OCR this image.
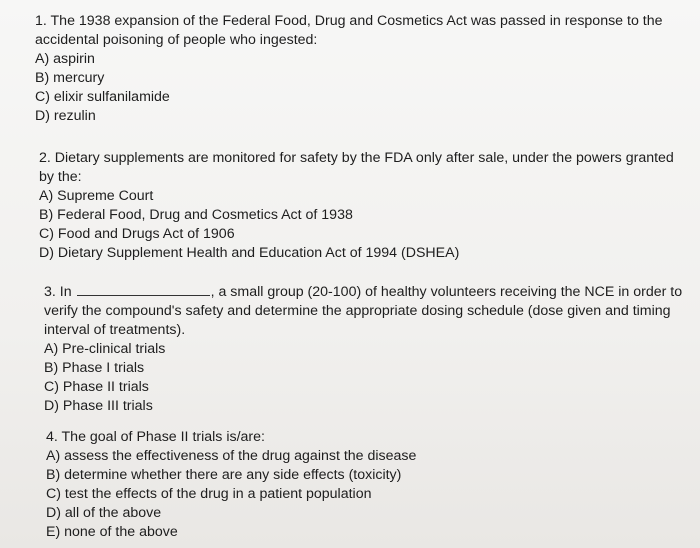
1. The 1938 expansion of the Federal Food, Drug and Cosmetics Act was passed in response to the
accidental poisoning of people who ingested:
A) aspirin
B) mercury
C) elixir sulfanilamide
D) rezulin
2. Dietary supplements are monitored for safety by the FDA only after sale, under the powers granted
by the:
A) Supreme Court
B) Federal Food, Drug and Cosmetics Act of 1938
C) Food and Drugs Act of 1906
D) Dietary Supplement Health and Education Act of 1994 (DSHEA)
3. In	, a small group (20-100) of healthy volunteers receiving the NCE in order to
verify the compound's safety and determine the appropriate dosing schedule (dose given and timing
interval of treatments).
A) Pre-clinical trials
B) Phase I trials
C) Phase II trials
D) Phase III trials
4. The goal of Phase II trials is/are:
A) assess the effectiveness of the drug against the disease
B) determine whether there are any side effects (toxicity)
C) test the effects of the drug in a patient population
D) all of the above
E) none of the above
